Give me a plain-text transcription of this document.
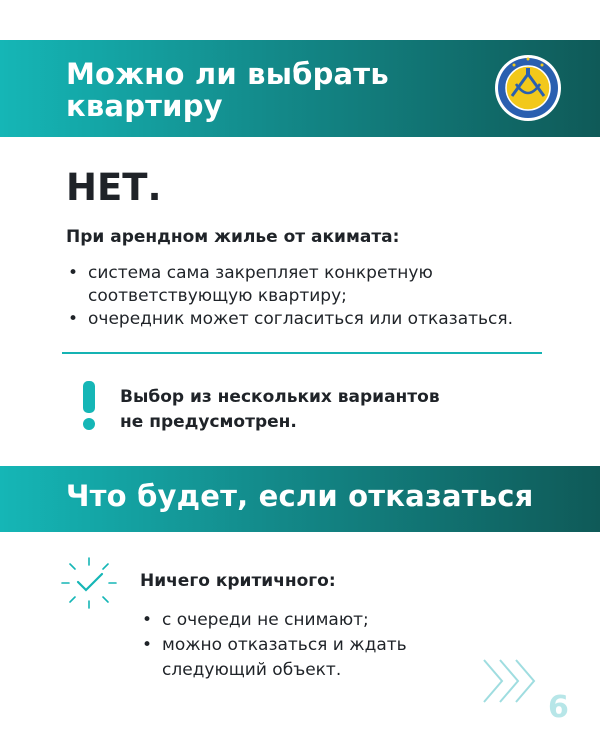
Можно ли выбрать
квартиру
НЕТ.
При арендном жилье от акимата:
• система сама закрепляет конкретную
соответствующую квартиру;
• очередник может согласиться или отказаться.
Выбор из нескольких вариантов
не предусмотрен.
Что будет, если отказаться
Ничего критичного:
• с очереди не снимают;
• можно отказаться и ждать
следующий объект.
6
